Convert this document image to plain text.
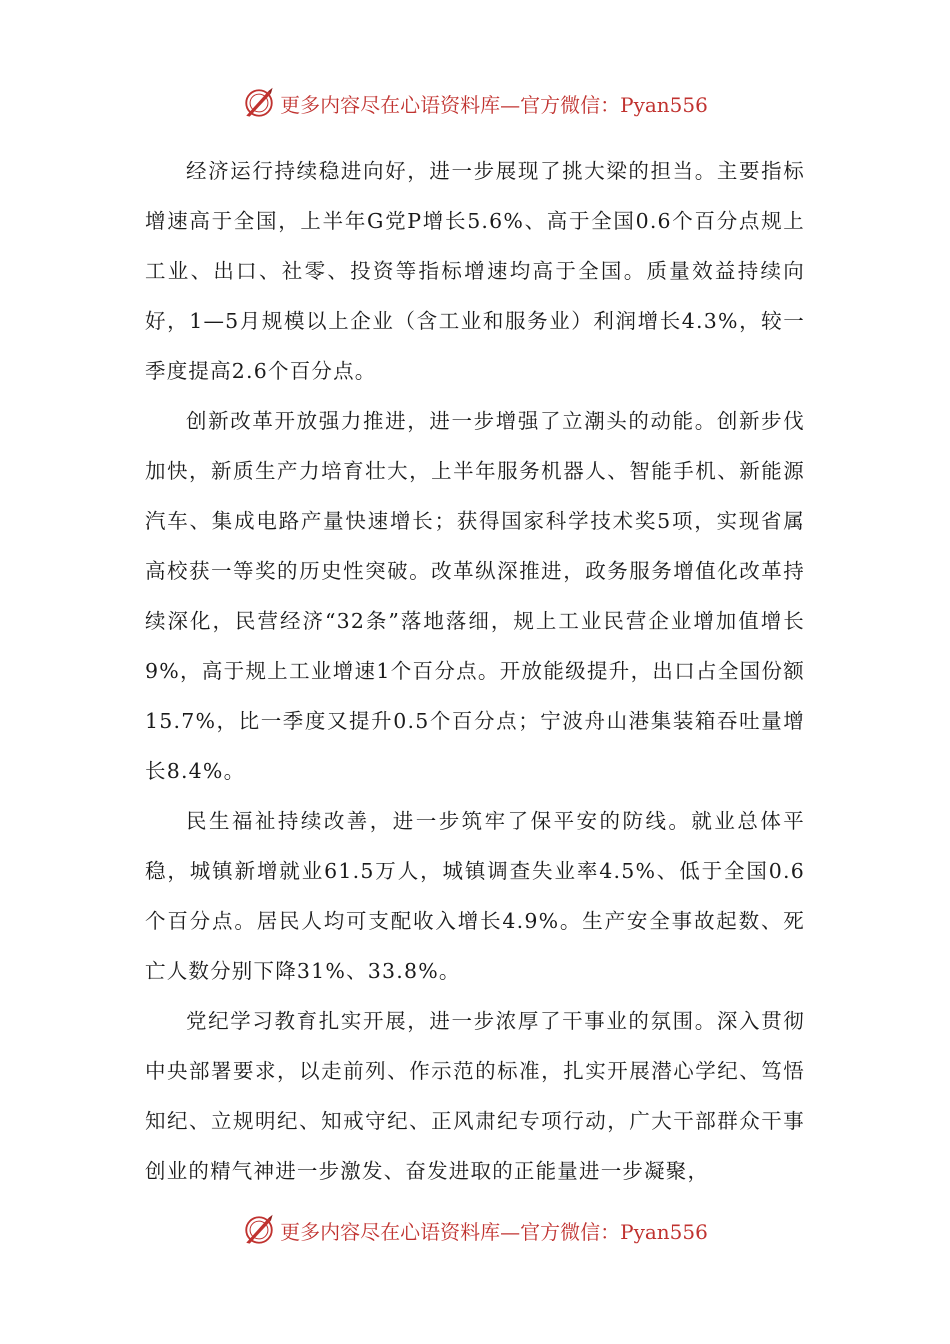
更多内容尽在心语资料库—官方微信：Pyan556

经济运行持续稳进向好，进一步展现了挑大梁的担当。主要指标增速高于全国，上半年G党P增长5.6%、高于全国0.6个百分点规上工业、出口、社零、投资等指标增速均高于全国。质量效益持续向好，1—5月规模以上企业（含工业和服务业）利润增长4.3%，较一季度提高2.6个百分点。

创新改革开放强力推进，进一步增强了立潮头的动能。创新步伐加快，新质生产力培育壮大，上半年服务机器人、智能手机、新能源汽车、集成电路产量快速增长；获得国家科学技术奖5项，实现省属高校获一等奖的历史性突破。改革纵深推进，政务服务增值化改革持续深化，民营经济“32条”落地落细，规上工业民营企业增加值增长9%，高于规上工业增速1个百分点。开放能级提升，出口占全国份额15.7%，比一季度又提升0.5个百分点；宁波舟山港集装箱吞吐量增长8.4%。

民生福祉持续改善，进一步筑牢了保平安的防线。就业总体平稳，城镇新增就业61.5万人，城镇调查失业率4.5%、低于全国0.6个百分点。居民人均可支配收入增长4.9%。生产安全事故起数、死亡人数分别下降31%、33.8%。

党纪学习教育扎实开展，进一步浓厚了干事业的氛围。深入贯彻中央部署要求，以走前列、作示范的标准，扎实开展潜心学纪、笃悟知纪、立规明纪、知戒守纪、正风肃纪专项行动，广大干部群众干事创业的精气神进一步激发、奋发进取的正能量进一步凝聚，

更多内容尽在心语资料库—官方微信：Pyan556
